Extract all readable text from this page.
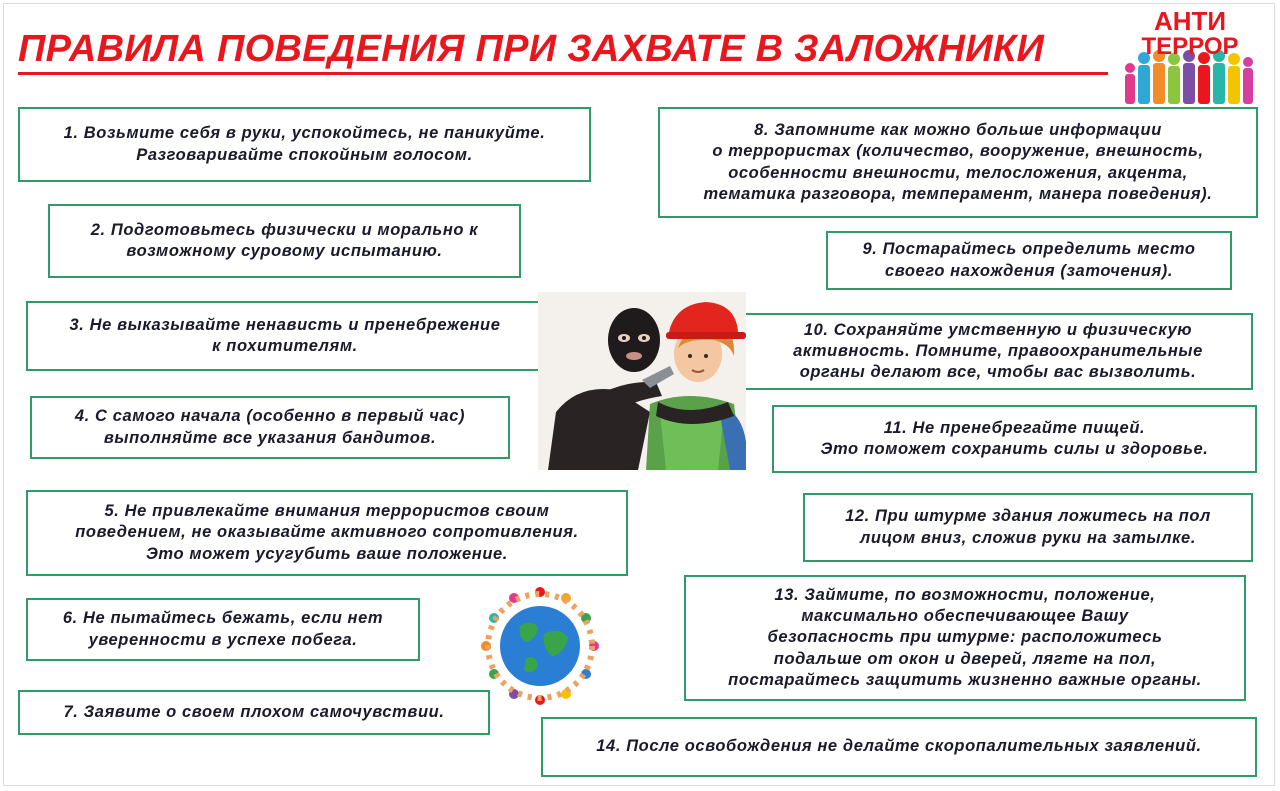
ПРАВИЛА ПОВЕДЕНИЯ ПРИ ЗАХВАТЕ В ЗАЛОЖНИКИ
АНТИ
ТЕРРОР
1. Возьмите себя в руки, успокойтесь, не паникуйте.
Разговаривайте спокойным голосом.
2. Подготовьтесь физически и морально к
возможному суровому испытанию.
3. Не выказывайте ненависть и пренебрежение
к похитителям.
4. С самого начала (особенно в первый час)
выполняйте все указания бандитов.
5. Не привлекайте внимания террористов своим
поведением, не оказывайте активного сопротивления.
Это может усугубить ваше положение.
6. Не пытайтесь бежать, если нет
уверенности в успехе побега.
7. Заявите о своем плохом самочувствии.
8. Запомните как можно больше информации
о террористах (количество, вооружение, внешность,
особенности внешности, телосложения, акцента,
тематика разговора, темперамент, манера поведения).
9. Постарайтесь определить место
своего нахождения (заточения).
10. Сохраняйте умственную и физическую
активность. Помните, правоохранительные
органы делают все, чтобы вас вызволить.
11. Не пренебрегайте пищей.
Это поможет сохранить силы и здоровье.
12. При штурме здания ложитесь на пол
лицом вниз, сложив руки на затылке.
13. Займите, по возможности, положение,
максимально обеспечивающее Вашу
безопасность при штурме: расположитесь
подальше от окон и дверей, лягте на пол,
постарайтесь защитить жизненно важные органы.
14. После освобождения не делайте скоропалительных заявлений.
